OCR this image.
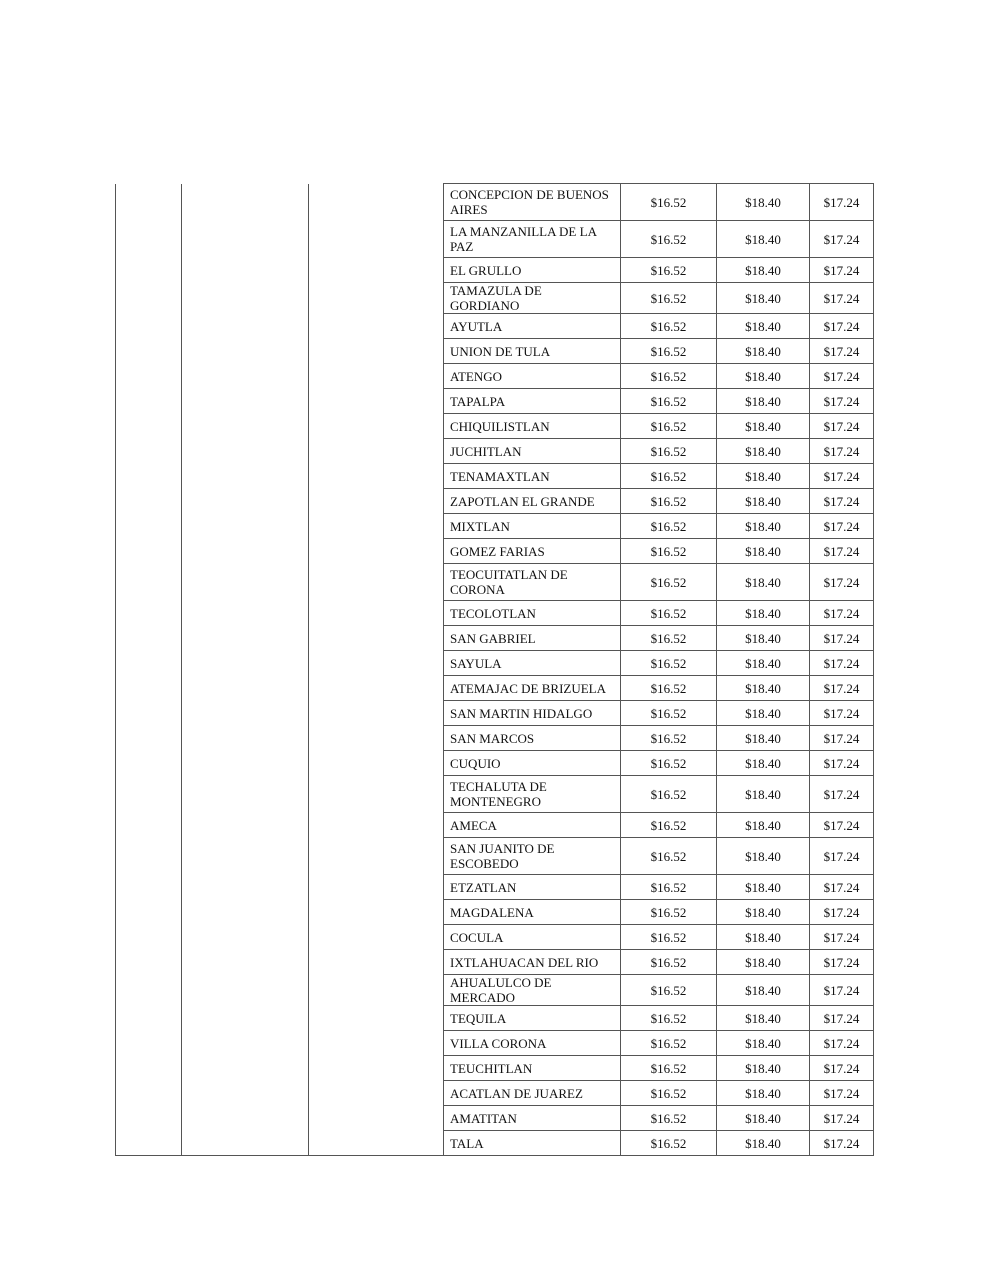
			CONCEPCION DE BUENOS AIRES	$16.52	$18.40	$17.24
			LA MANZANILLA DE LA PAZ	$16.52	$18.40	$17.24
			EL GRULLO	$16.52	$18.40	$17.24
			TAMAZULA DE GORDIANO	$16.52	$18.40	$17.24
			AYUTLA	$16.52	$18.40	$17.24
			UNION DE TULA	$16.52	$18.40	$17.24
			ATENGO	$16.52	$18.40	$17.24
			TAPALPA	$16.52	$18.40	$17.24
			CHIQUILISTLAN	$16.52	$18.40	$17.24
			JUCHITLAN	$16.52	$18.40	$17.24
			TENAMAXTLAN	$16.52	$18.40	$17.24
			ZAPOTLAN EL GRANDE	$16.52	$18.40	$17.24
			MIXTLAN	$16.52	$18.40	$17.24
			GOMEZ FARIAS	$16.52	$18.40	$17.24
			TEOCUITATLAN DE CORONA	$16.52	$18.40	$17.24
			TECOLOTLAN	$16.52	$18.40	$17.24
			SAN GABRIEL	$16.52	$18.40	$17.24
			SAYULA	$16.52	$18.40	$17.24
			ATEMAJAC DE BRIZUELA	$16.52	$18.40	$17.24
			SAN MARTIN HIDALGO	$16.52	$18.40	$17.24
			SAN MARCOS	$16.52	$18.40	$17.24
			CUQUIO	$16.52	$18.40	$17.24
			TECHALUTA DE MONTENEGRO	$16.52	$18.40	$17.24
			AMECA	$16.52	$18.40	$17.24
			SAN JUANITO DE ESCOBEDO	$16.52	$18.40	$17.24
			ETZATLAN	$16.52	$18.40	$17.24
			MAGDALENA	$16.52	$18.40	$17.24
			COCULA	$16.52	$18.40	$17.24
			IXTLAHUACAN DEL RIO	$16.52	$18.40	$17.24
			AHUALULCO DE MERCADO	$16.52	$18.40	$17.24
			TEQUILA	$16.52	$18.40	$17.24
			VILLA CORONA	$16.52	$18.40	$17.24
			TEUCHITLAN	$16.52	$18.40	$17.24
			ACATLAN DE JUAREZ	$16.52	$18.40	$17.24
			AMATITAN	$16.52	$18.40	$17.24
			TALA	$16.52	$18.40	$17.24
